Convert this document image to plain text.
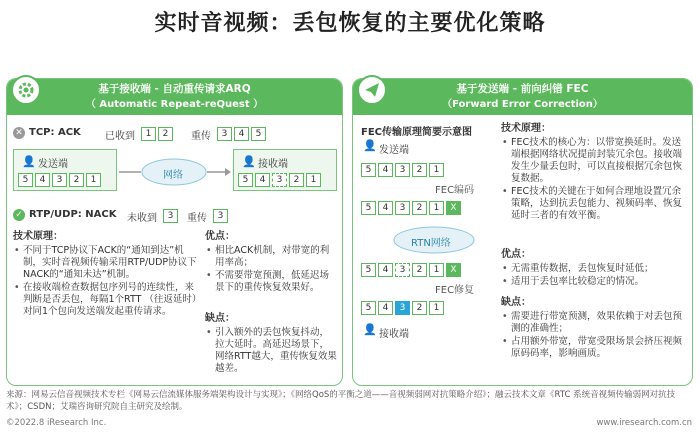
实时音视频：丢包恢复的主要优化策略
基于接收端 - 自动重传请求ARQ
（ Automatic Repeat-reQuest ）
✕ TCP: ACK 已收到	1	2	重传	3	4	5
👤 发送端
5	4	3	2	1	网络
👤 接收端
5	4	3	2	1
✓ RTP/UDP: NACK 未收到	3	重传	3
技术原理：
• 不同于TCP协议下ACK的“通知到达”机制，实时音视频传输采用RTP/UDP协议下NACK的“通知未达”机制。
• 在接收端检查数据包序列号的连续性，来判断是否丢包，每隔1个RTT （往返延时）对同1个包向发送端发起重传请求。
优点：
• 相比ACK机制，对带宽的利用率高；
• 不需要带宽预测，低延迟场景下的重传恢复效果好。
缺点：
• 引入额外的丢包恢复抖动，拉大延时。高延迟场景下，网络RTT越大，重传恢复效果越差。
基于发送端 - 前向纠错 FEC
（Forward Error Correction）
FEC传输原理简要示意图
👤 发送端
5	4	3	2	1
FEC编码
5	4	3	2	1	X
RTN网络
5	4	3	2	1	X
FEC修复
5	4	3	2	1
👤 接收端
技术原理：
• FEC技术的核心为：以带宽换延时。发送端根据网络状况提前封装冗余包。接收端发生少量丢包时，可以直接根据冗余包恢复数据。
• FEC技术的关键在于如何合理地设置冗余策略，达到抗丢包能力、视频码率、恢复延时三者的有效平衡。
优点：
• 无需重传数据，丢包恢复时延低；
• 适用于丢包率比较稳定的情况。
缺点：
• 需要进行带宽预测，效果依赖于对丢包预测的准确性；
• 占用额外带宽，带宽受限场景会挤压视频原码码率，影响画质。
来源：网易云信音视频技术专栏《网易云信流媒体服务端架构设计与实现》；《网络QoS的平衡之道——音视频弱网对抗策略介绍》；融云技术文章《RTC 系统音视频传输弱网对抗技术》；CSDN；艾瑞咨询研究院自主研究及绘制。
©2022.8 iResearch Inc.	www.iresearch.com.cn
